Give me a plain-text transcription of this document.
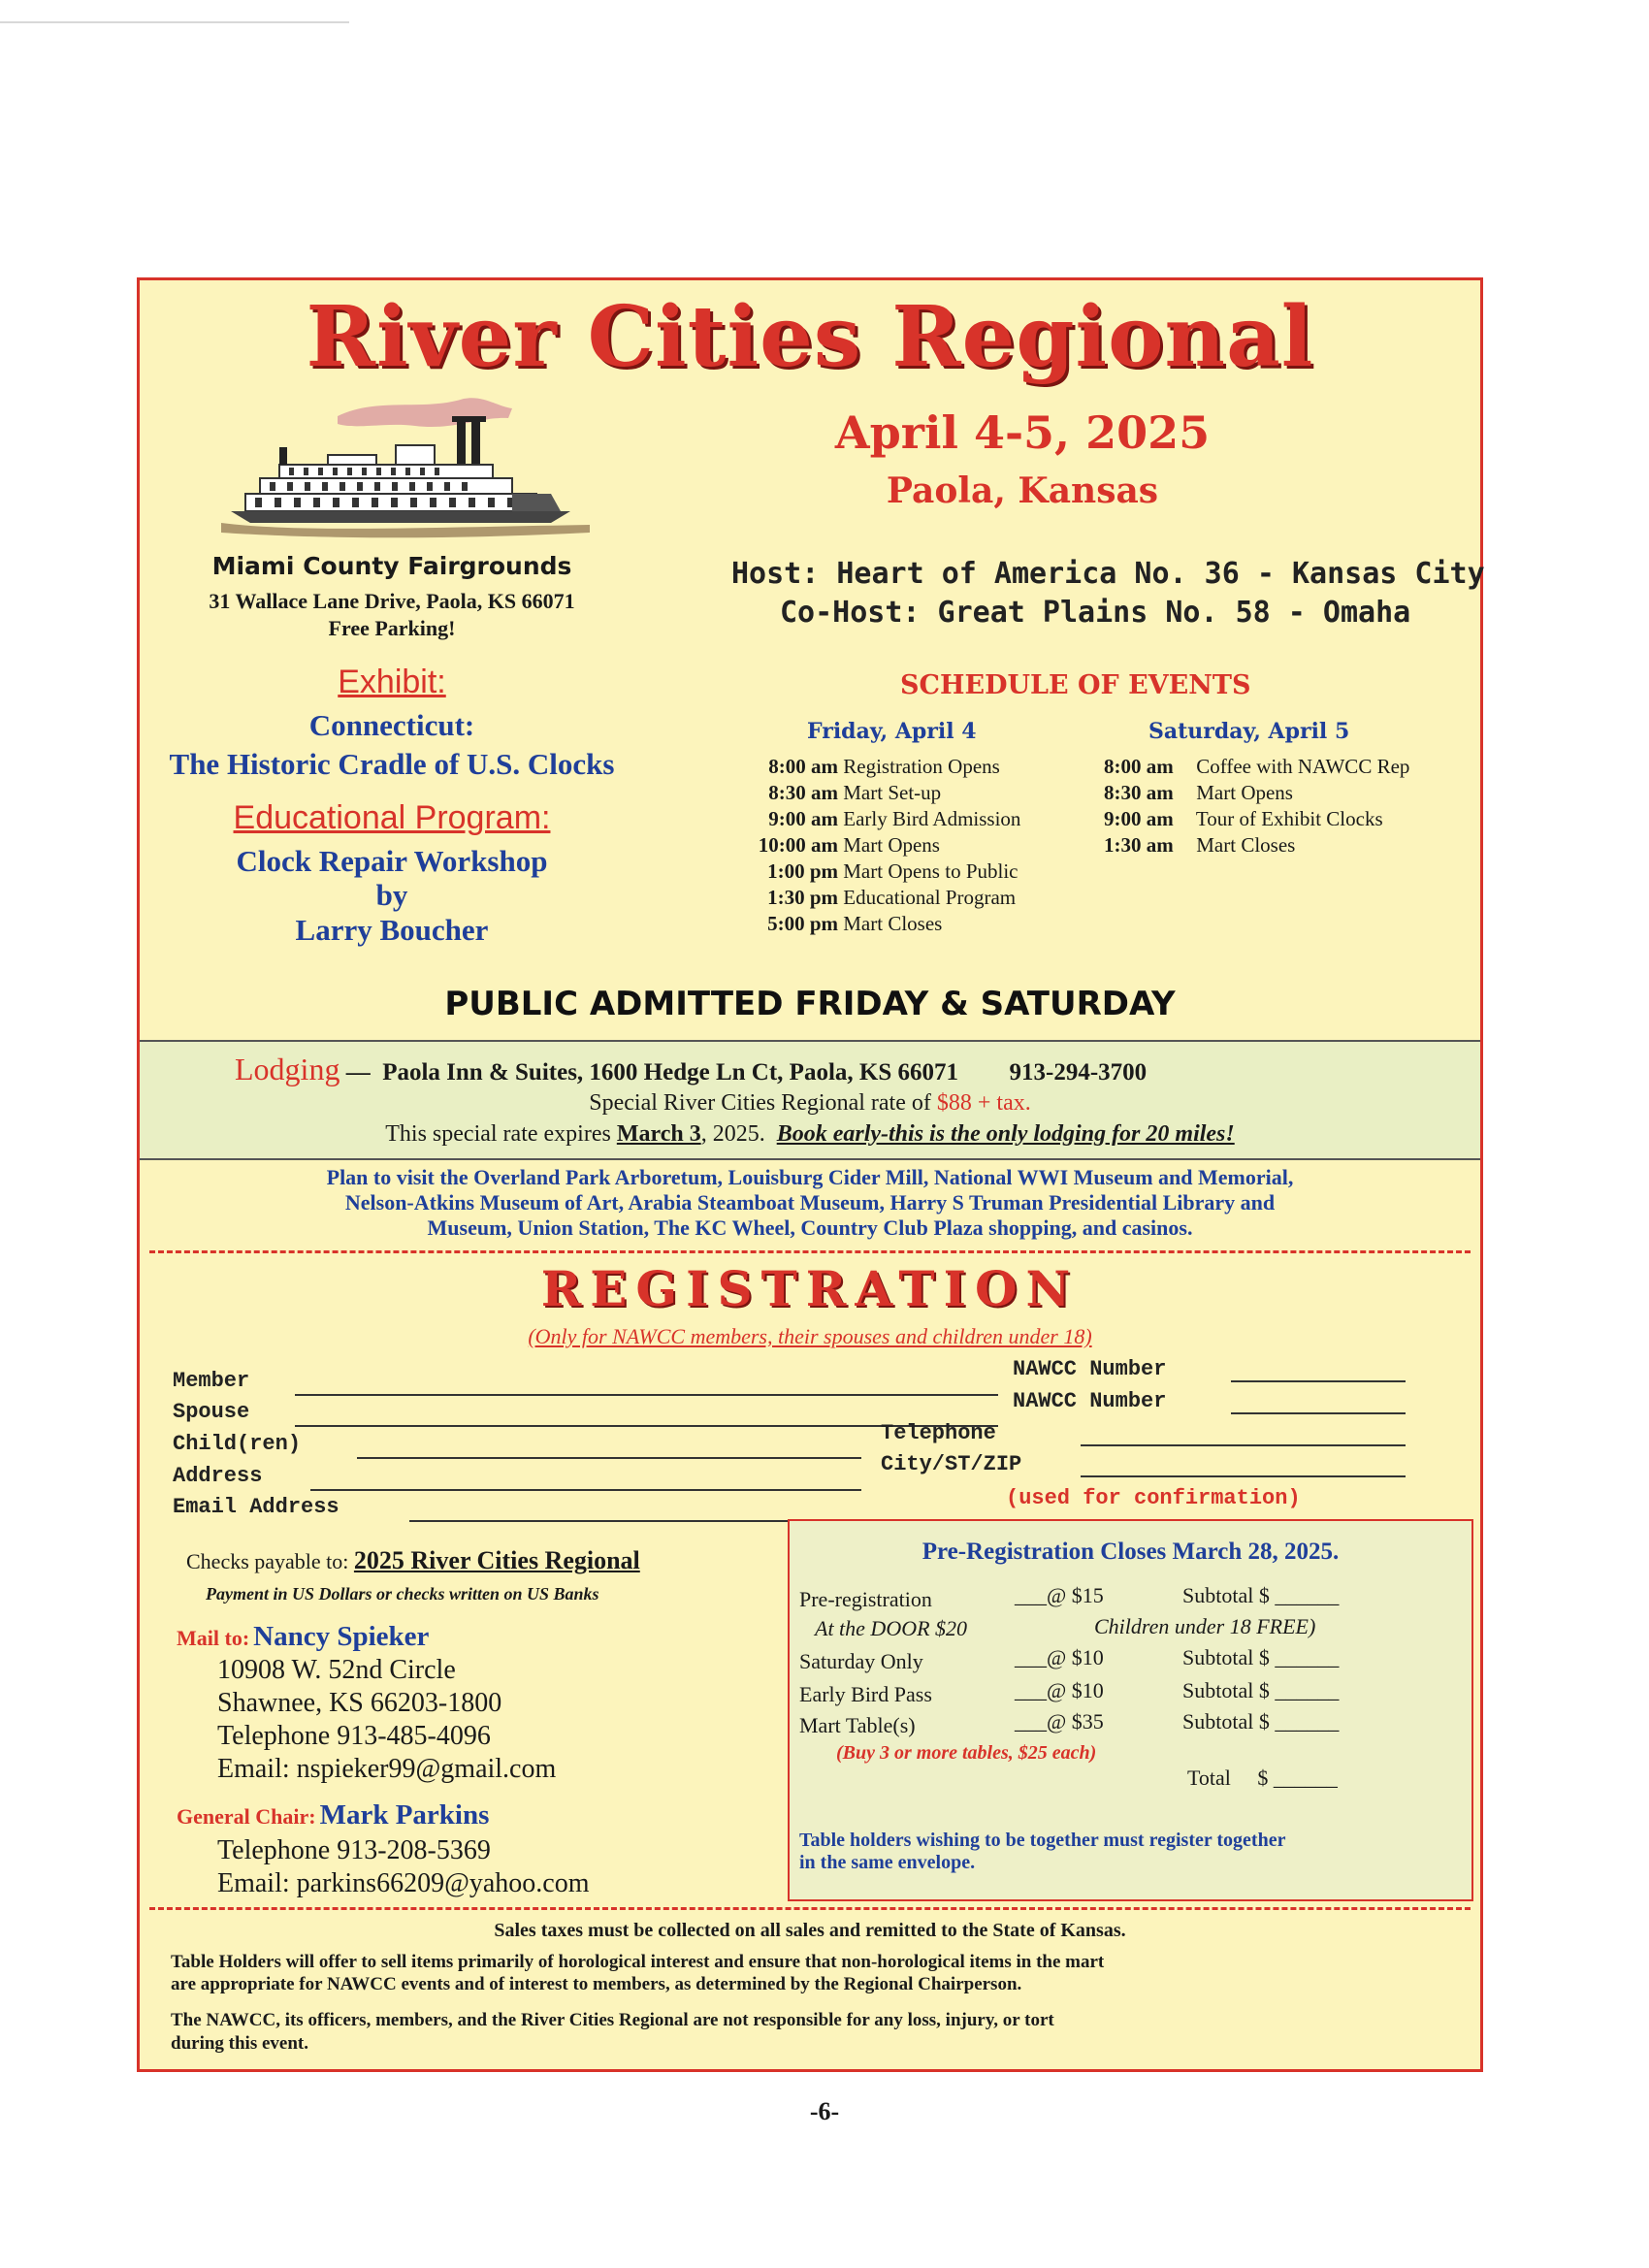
River Cities Regional
April 4-5, 2025
Paola, Kansas
Miami County Fairgrounds
31 Wallace Lane Drive, Paola, KS 66071
Free Parking!
Host: Heart of America No. 36 - Kansas City
Co-Host: Great Plains No. 58 - Omaha
Exhibit:
Connecticut:
The Historic Cradle of U.S. Clocks
Educational Program:
Clock Repair Workshop
by
Larry Boucher
SCHEDULE OF EVENTS
Friday, April 4	Saturday, April 5
8:00 am Registration Opens
8:30 am Mart Set-up
9:00 am Early Bird Admission
10:00 am Mart Opens
1:00 pm Mart Opens to Public
1:30 pm Educational Program
5:00 pm Mart Closes
8:00 am Coffee with NAWCC Rep
8:30 am Mart Opens
9:00 am Tour of Exhibit Clocks
1:30 am Mart Closes
PUBLIC ADMITTED FRIDAY & SATURDAY
Lodging — Paola Inn & Suites, 1600 Hedge Ln Ct, Paola, KS 66071 913-294-3700
Special River Cities Regional rate of $88 + tax.
This special rate expires March 3, 2025. Book early-this is the only lodging for 20 miles!
Plan to visit the Overland Park Arboretum, Louisburg Cider Mill, National WWI Museum and Memorial,
Nelson-Atkins Museum of Art, Arabia Steamboat Museum, Harry S Truman Presidential Library and
Museum, Union Station, The KC Wheel, Country Club Plaza shopping, and casinos.
REGISTRATION
(Only for NAWCC members, their spouses and children under 18)
Member
Spouse
Child(ren)
Address
Email Address
NAWCC Number
NAWCC Number
Telephone
City/ST/ZIP
(used for confirmation)
Checks payable to: 2025 River Cities Regional
Payment in US Dollars or checks written on US Banks
Mail to: Nancy Spieker
10908 W. 52nd Circle
Shawnee, KS 66203-1800
Telephone 913-485-4096
Email: nspieker99@gmail.com
General Chair: Mark Parkins
Telephone 913-208-5369
Email: parkins66209@yahoo.com
Pre-Registration Closes March 28, 2025.
Pre-registration	___@ $15	Subtotal $ ______
At the DOOR $20	Children under 18 FREE)
Saturday Only	___@ $10	Subtotal $ ______
Early Bird Pass	___@ $10	Subtotal $ ______
Mart Table(s)	___@ $35	Subtotal $ ______
(Buy 3 or more tables, $25 each)
Total     $ ______
Table holders wishing to be together must register together
in the same envelope.
Sales taxes must be collected on all sales and remitted to the State of Kansas.
Table Holders will offer to sell items primarily of horological interest and ensure that non-horological items in the mart
are appropriate for NAWCC events and of interest to members, as determined by the Regional Chairperson.
The NAWCC, its officers, members, and the River Cities Regional are not responsible for any loss, injury, or tort
during this event.
-6-
